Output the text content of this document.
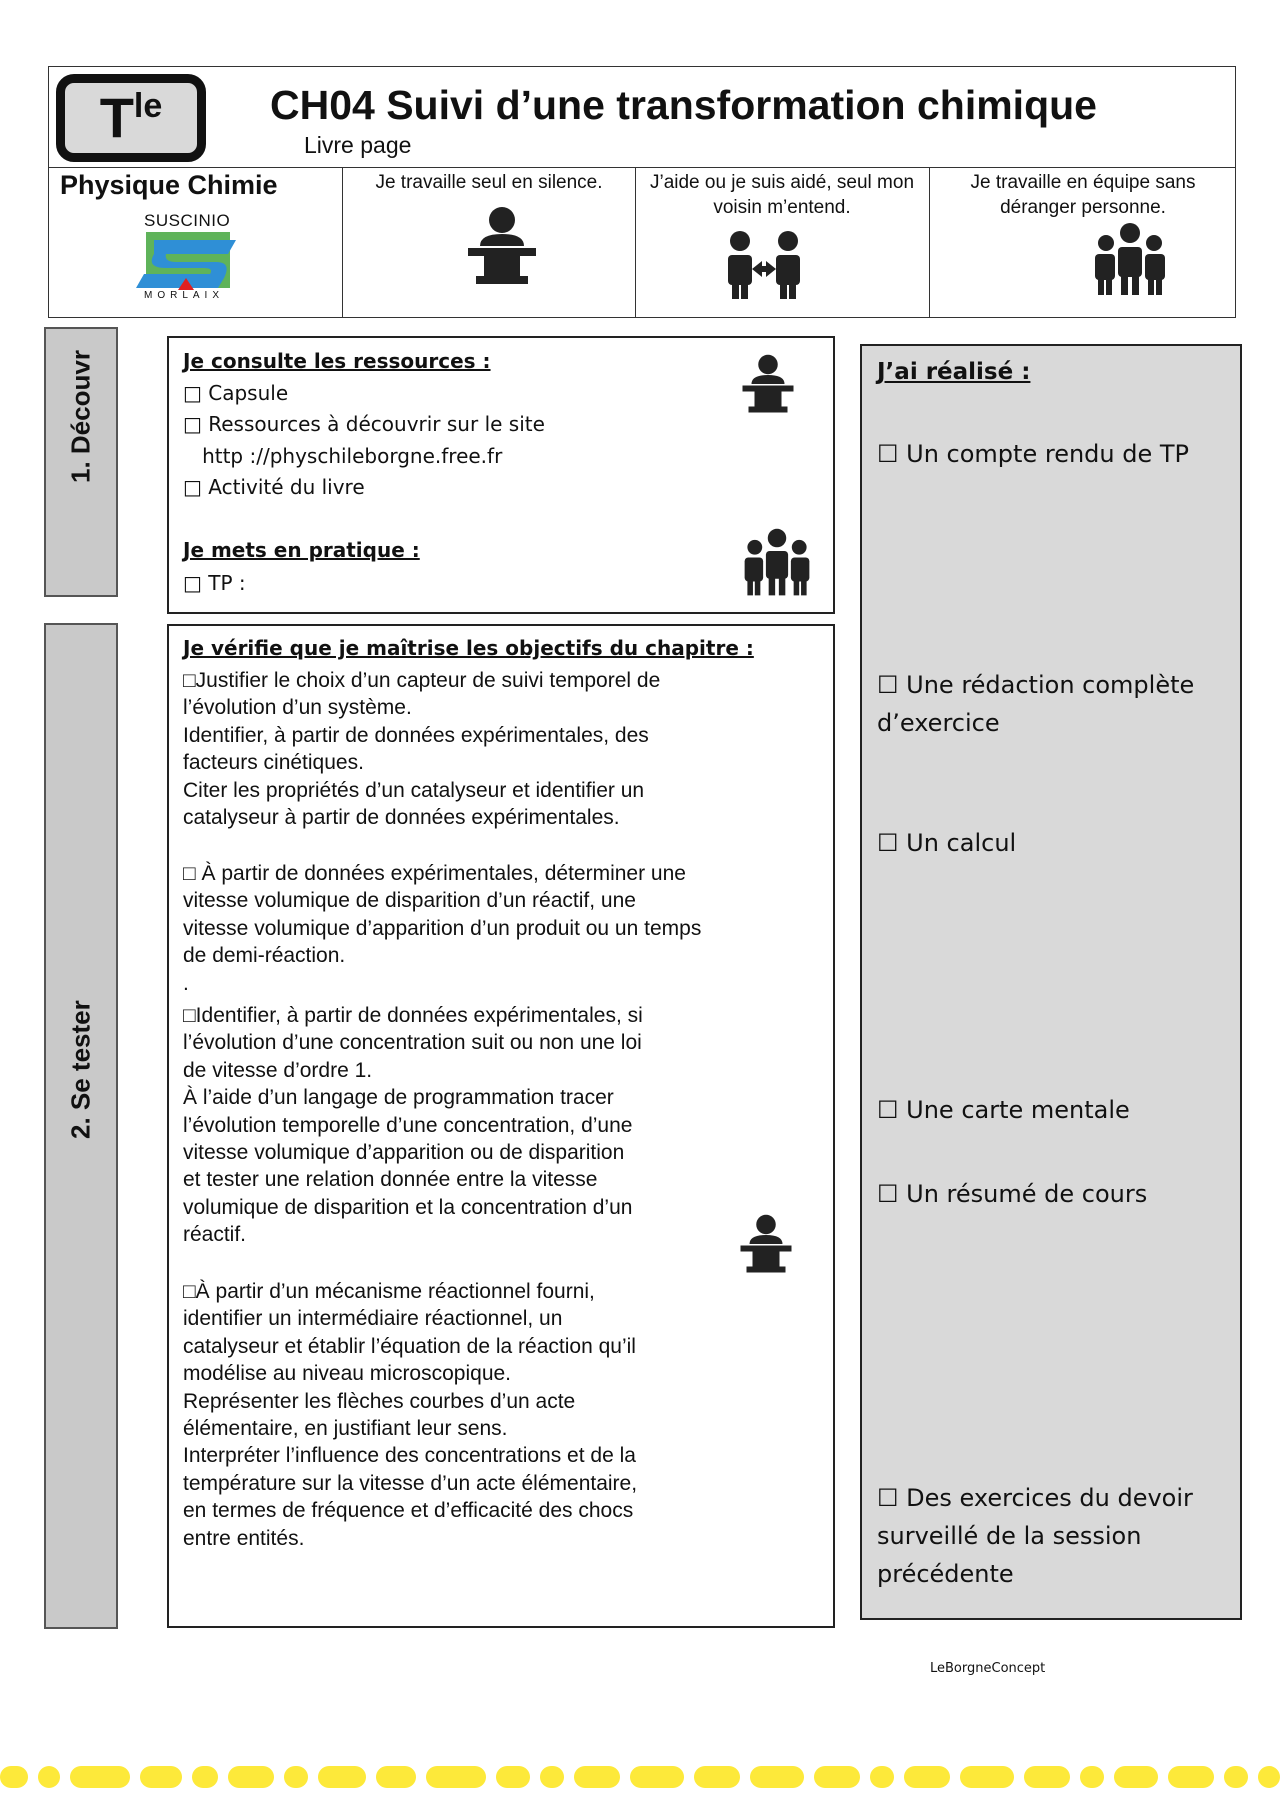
T le	CH04 Suivi d’une transformation chimique
Livre page
Physique Chimie
SUSCINIO
MORLAIX
Je travaille seul en silence.	J’aide ou je suis aidé, seul mon voisin m’entend.
Je travaille en équipe sans déranger personne.
1. Découvr
2. Se tester
Je consulte les ressources :
□ Capsule
□ Ressources à découvrir sur le site
http ://physchileborgne.free.fr
□ Activité du livre
Je mets en pratique :
□ TP :
Je vérifie que je maîtrise les objectifs du chapitre :
□Justifier le choix d’un capteur de suivi temporel de
l’évolution d’un système.
Identifier, à partir de données expérimentales, des
facteurs cinétiques.
Citer les propriétés d’un catalyseur et identifier un
catalyseur à partir de données expérimentales.
□ À partir de données expérimentales, déterminer une
vitesse volumique de disparition d’un réactif, une
vitesse volumique d’apparition d’un produit ou un temps
de demi-réaction.
.
□Identifier, à partir de données expérimentales, si
l’évolution d’une concentration suit ou non une loi
de vitesse d’ordre 1.
À l’aide d’un langage de programmation tracer
l’évolution temporelle d’une concentration, d’une
vitesse volumique d’apparition ou de disparition
et tester une relation donnée entre la vitesse
volumique de disparition et la concentration d’un
réactif.
□À partir d’un mécanisme réactionnel fourni,
identifier un intermédiaire réactionnel, un
catalyseur et établir l’équation de la réaction qu’il
modélise au niveau microscopique.
Représenter les flèches courbes d’un acte
élémentaire, en justifiant leur sens.
Interpréter l’influence des concentrations et de la
température sur la vitesse d’un acte élémentaire,
en termes de fréquence et d’efficacité des chocs
entre entités.
J’ai réalisé :
☐ Un compte rendu de TP
☐ Une rédaction complète
d’exercice
☐ Un calcul
☐ Une carte mentale
☐ Un résumé de cours
☐ Des exercices du devoir
surveillé de la session
précédente
LeBorgneConcept
